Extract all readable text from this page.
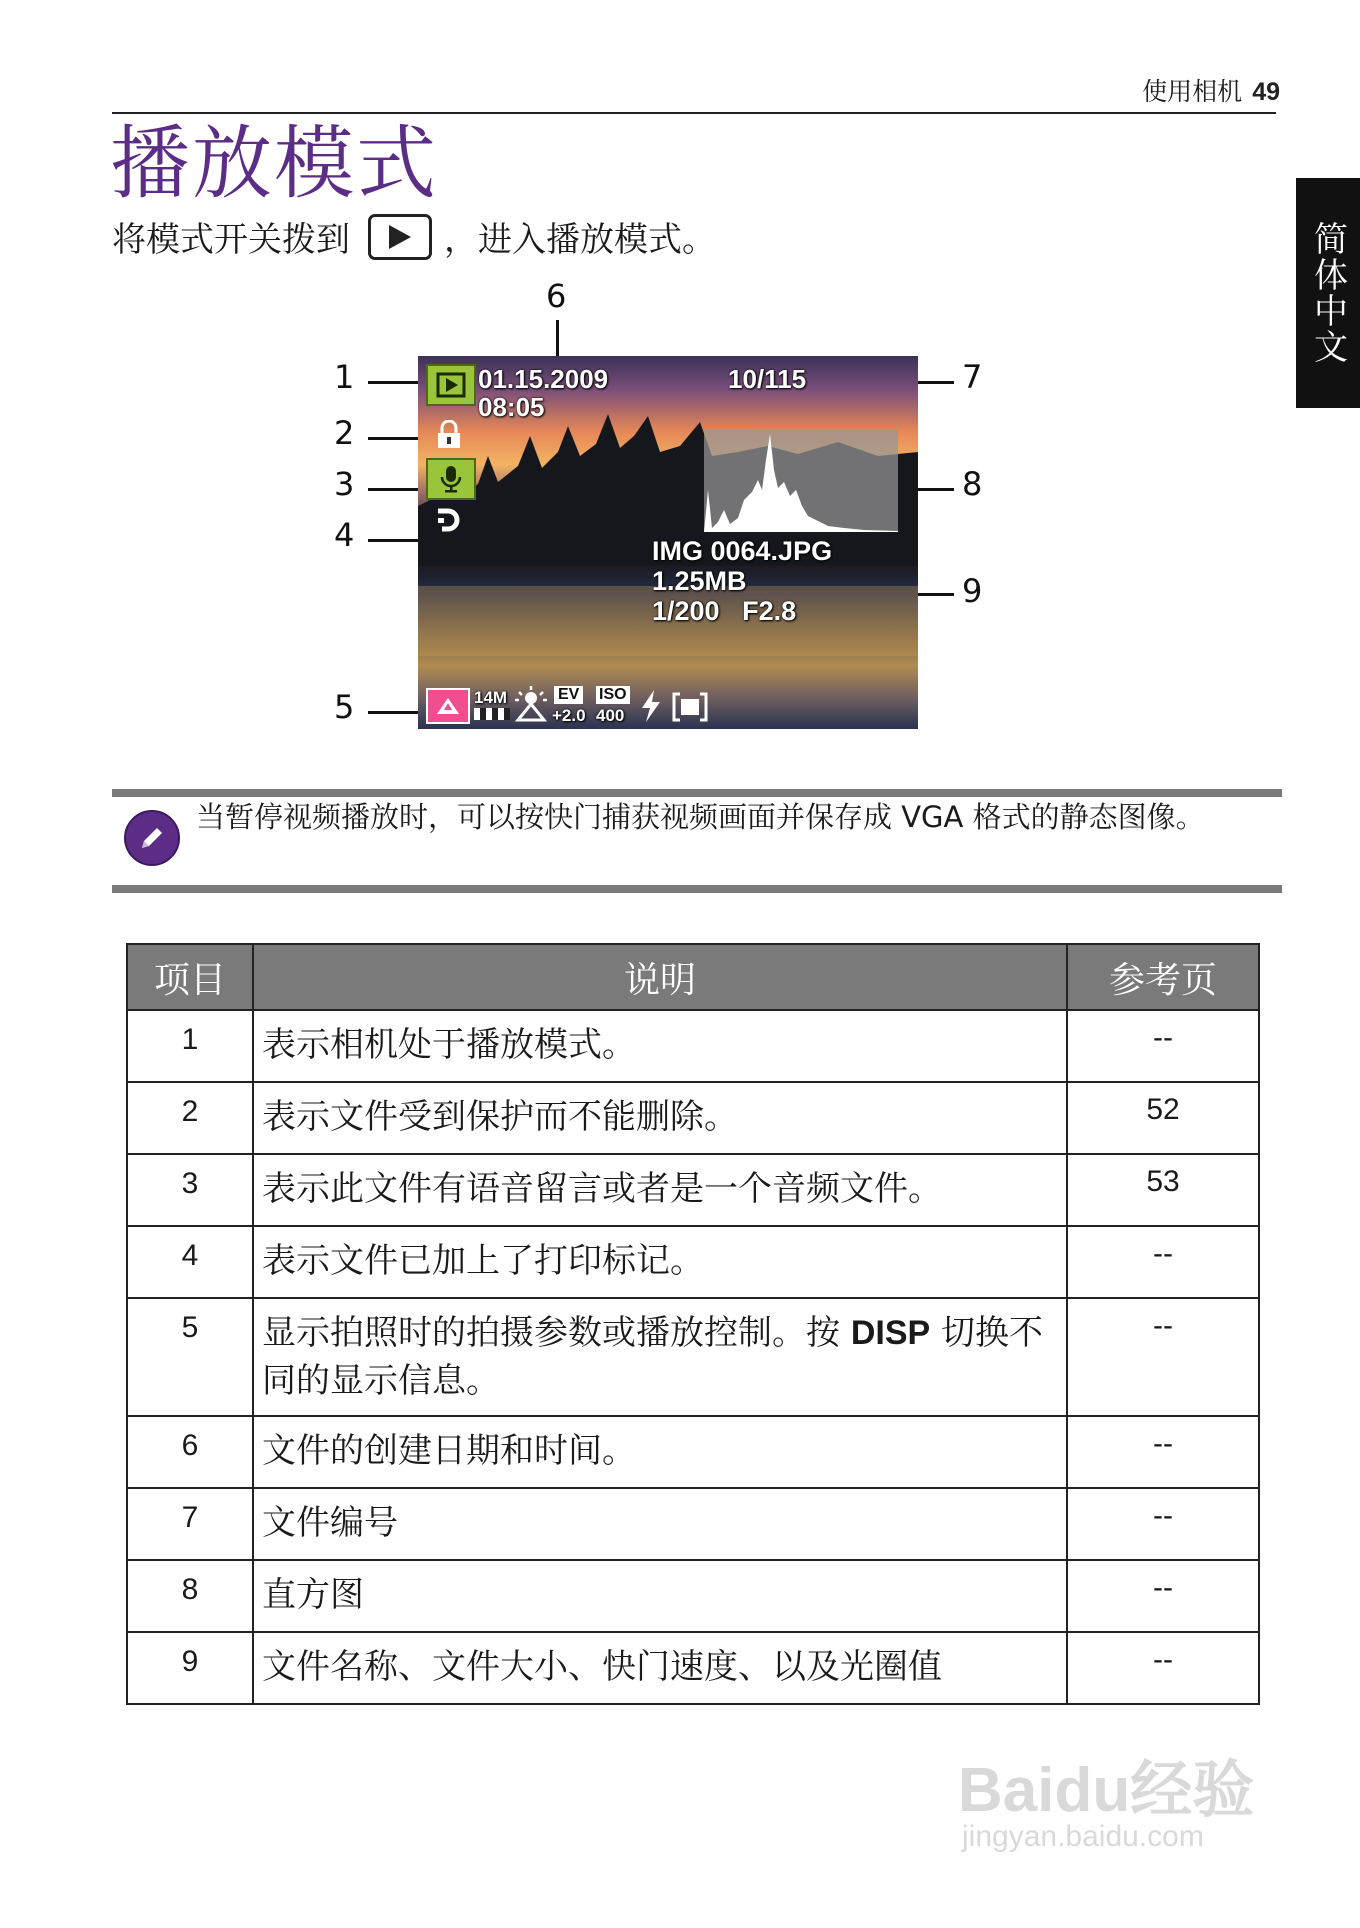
使用相机 49
简体中文
播放模式
将模式开关拨到	，进入播放模式。
1
2
3
4
5
6
7
8
9
01.15.2009
08:05
10/115
IMG 0064.JPG
1.25MB
1/200   F2.8
14M	EV
+2.0
ISO
400
当暂停视频播放时，可以按快门捕获视频画面并保存成 VGA 格式的静态图像。
项目	说明	参考页
1	表示相机处于播放模式。	--
2	表示文件受到保护而不能删除。	52
3	表示此文件有语音留言或者是一个音频文件。	53
4	表示文件已加上了打印标记。	--
5	显示拍照时的拍摄参数或播放控制。按 DISP 切换不同的显示信息。	--
6	文件的创建日期和时间。	--
7	文件编号	--
8	直方图	--
9	文件名称、文件大小、快门速度、以及光圈值	--
Baidu经验
jingyan.baidu.com
